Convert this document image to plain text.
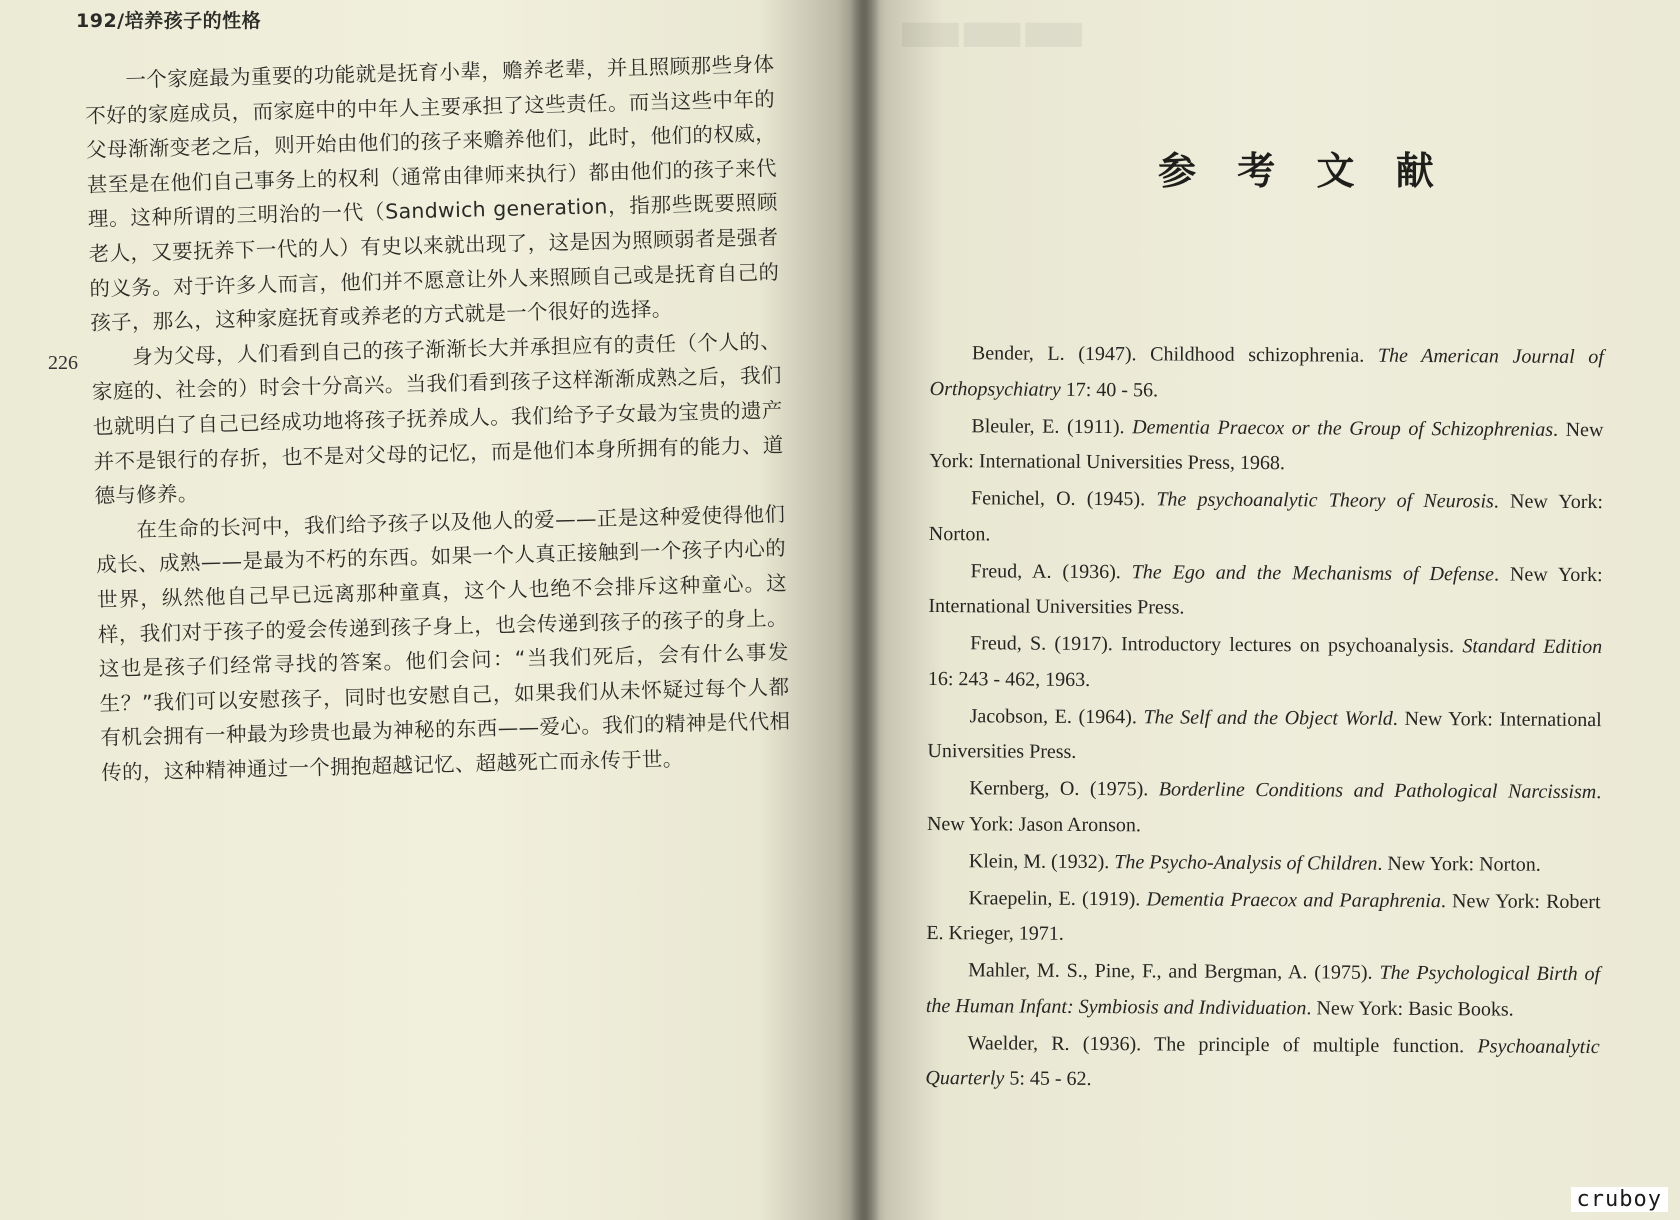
192/培养孩子的性格
226

一个家庭最为重要的功能就是抚育小辈，赡养老辈，并且照顾那些身体不好的家庭成员，而家庭中的中年人主要承担了这些责任。而当这些中年的父母渐渐变老之后，则开始由他们的孩子来赡养他们，此时，他们的权威，甚至是在他们自己事务上的权利（通常由律师来执行）都由他们的孩子来代理。这种所谓的三明治的一代（Sandwich generation，指那些既要照顾老人，又要抚养下一代的人）有史以来就出现了，这是因为照顾弱者是强者的义务。对于许多人而言，他们并不愿意让外人来照顾自己或是抚育自己的孩子，那么，这种家庭抚育或养老的方式就是一个很好的选择。

身为父母，人们看到自己的孩子渐渐长大并承担应有的责任（个人的、家庭的、社会的）时会十分高兴。当我们看到孩子这样渐渐成熟之后，我们也就明白了自己已经成功地将孩子抚养成人。我们给予子女最为宝贵的遗产并不是银行的存折，也不是对父母的记忆，而是他们本身所拥有的能力、道德与修养。

在生命的长河中，我们给予孩子以及他人的爱——正是这种爱使得他们成长、成熟——是最为不朽的东西。如果一个人真正接触到一个孩子内心的世界，纵然他自己早已远离那种童真，这个人也绝不会排斥这种童心。这样，我们对于孩子的爱会传递到孩子身上，也会传递到孩子的孩子的身上。这也是孩子们经常寻找的答案。他们会问：“当我们死后，会有什么事发生？”我们可以安慰孩子，同时也安慰自己，如果我们从未怀疑过每个人都有机会拥有一种最为珍贵也最为神秘的东西——爱心。我们的精神是代代相传的，这种精神通过一个拥抱超越记忆、超越死亡而永传于世。

████ ████ ████
参 考 文 献

Bender, L. (1947). Childhood schizophrenia. The American Journal of Orthopsychiatry 17: 40 - 56.

Bleuler, E. (1911). Dementia Praecox or the Group of Schizophrenias. New York: International Universities Press, 1968.

Fenichel, O. (1945). The psychoanalytic Theory of Neurosis. New York: Norton.

Freud, A. (1936). The Ego and the Mechanisms of Defense. New York: International Universities Press.

Freud, S. (1917). Introductory lectures on psychoanalysis. Standard Edition 16: 243 - 462, 1963.

Jacobson, E. (1964). The Self and the Object World. New York: International Universities Press.

Kernberg, O. (1975). Borderline Conditions and Pathological Narcissism. New York: Jason Aronson.

Klein, M. (1932). The Psycho-Analysis of Children. New York: Norton.

Kraepelin, E. (1919). Dementia Praecox and Paraphrenia. New York: Robert E. Krieger, 1971.

Mahler, M. S., Pine, F., and Bergman, A. (1975). The Psychological Birth of the Human Infant: Symbiosis and Individuation. New York: Basic Books.

Waelder, R. (1936). The principle of multiple function. Psychoanalytic Quarterly 5: 45 - 62.

cruboy
